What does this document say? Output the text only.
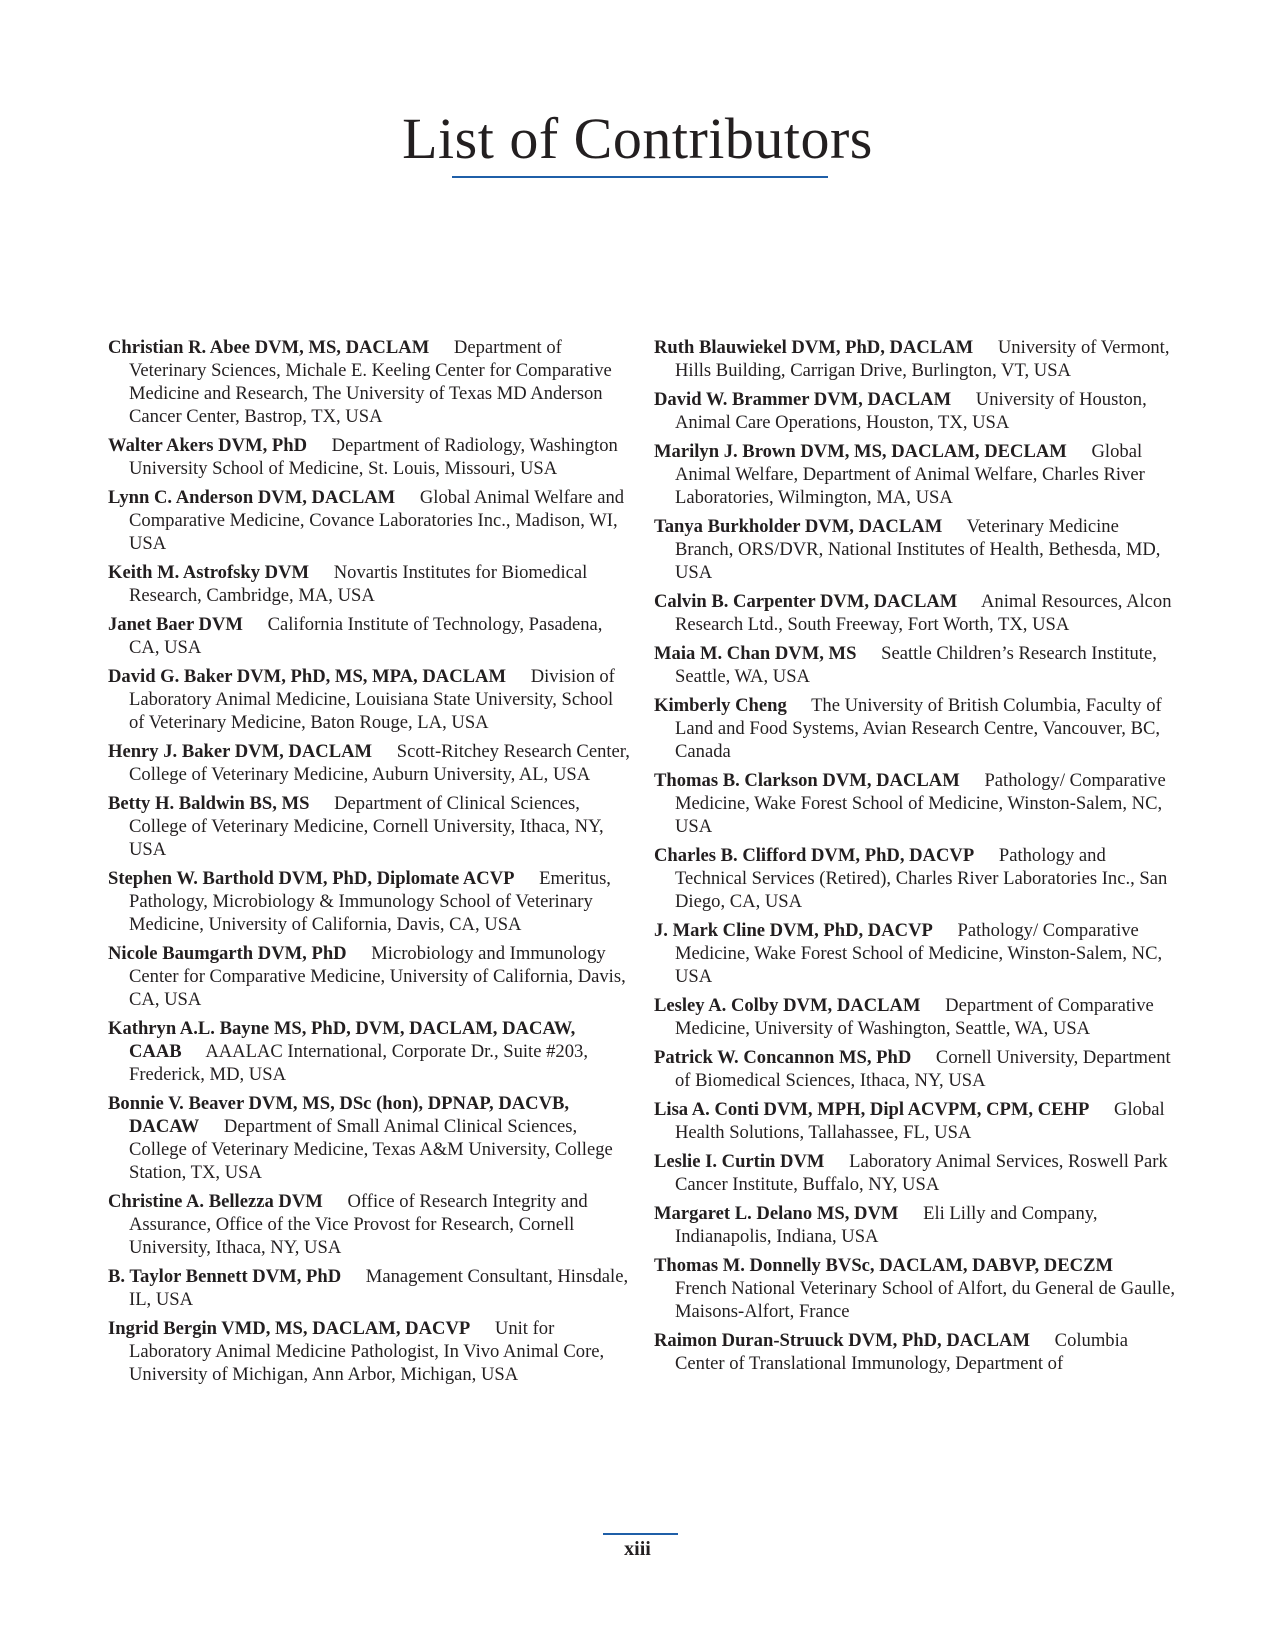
List of Contributors

Christian R. Abee DVM, MS, DACLAM Department of Veterinary Sciences, Michale E. Keeling Center for Comparative Medicine and Research, The University of Texas MD Anderson Cancer Center, Bastrop, TX, USA

Walter Akers DVM, PhD Department of Radiology, Washington University School of Medicine, St. Louis, Missouri, USA

Lynn C. Anderson DVM, DACLAM Global Animal Welfare and Comparative Medicine, Covance Laboratories Inc., Madison, WI, USA

Keith M. Astrofsky DVM Novartis Institutes for Biomedical Research, Cambridge, MA, USA

Janet Baer DVM California Institute of Technology, Pasadena, CA, USA

David G. Baker DVM, PhD, MS, MPA, DACLAM Division of Laboratory Animal Medicine, Louisiana State University, School of Veterinary Medicine, Baton Rouge, LA, USA

Henry J. Baker DVM, DACLAM Scott-Ritchey Research Center, College of Veterinary Medicine, Auburn University, AL, USA

Betty H. Baldwin BS, MS Department of Clinical Sciences, College of Veterinary Medicine, Cornell University, Ithaca, NY, USA

Stephen W. Barthold DVM, PhD, Diplomate ACVP Emeritus, Pathology, Microbiology & Immunology School of Veterinary Medicine, University of California, Davis, CA, USA

Nicole Baumgarth DVM, PhD Microbiology and Immunology Center for Comparative Medicine, University of California, Davis, CA, USA

Kathryn A.L. Bayne MS, PhD, DVM, DACLAM, DACAW, CAAB AAALAC International, Corporate Dr., Suite #203, Frederick, MD, USA

Bonnie V. Beaver DVM, MS, DSc (hon), DPNAP, DACVB, DACAW Department of Small Animal Clinical Sciences, College of Veterinary Medicine, Texas A&M University, College Station, TX, USA

Christine A. Bellezza DVM Office of Research Integrity and Assurance, Office of the Vice Provost for Research, Cornell University, Ithaca, NY, USA

B. Taylor Bennett DVM, PhD Management Consultant, Hinsdale, IL, USA

Ingrid Bergin VMD, MS, DACLAM, DACVP Unit for Laboratory Animal Medicine Pathologist, In Vivo Animal Core, University of Michigan, Ann Arbor, Michigan, USA

Ruth Blauwiekel DVM, PhD, DACLAM University of Vermont, Hills Building, Carrigan Drive, Burlington, VT, USA

David W. Brammer DVM, DACLAM University of Houston, Animal Care Operations, Houston, TX, USA

Marilyn J. Brown DVM, MS, DACLAM, DECLAM Global Animal Welfare, Department of Animal Welfare, Charles River Laboratories, Wilmington, MA, USA

Tanya Burkholder DVM, DACLAM Veterinary Medicine Branch, ORS/DVR, National Institutes of Health, Bethesda, MD, USA

Calvin B. Carpenter DVM, DACLAM Animal Resources, Alcon Research Ltd., South Freeway, Fort Worth, TX, USA

Maia M. Chan DVM, MS Seattle Children’s Research Institute, Seattle, WA, USA

Kimberly Cheng The University of British Columbia, Faculty of Land and Food Systems, Avian Research Centre, Vancouver, BC, Canada

Thomas B. Clarkson DVM, DACLAM Pathology/ Comparative Medicine, Wake Forest School of Medicine, Winston-Salem, NC, USA

Charles B. Clifford DVM, PhD, DACVP Pathology and Technical Services (Retired), Charles River Laboratories Inc., San Diego, CA, USA

J. Mark Cline DVM, PhD, DACVP Pathology/ Comparative Medicine, Wake Forest School of Medicine, Winston-Salem, NC, USA

Lesley A. Colby DVM, DACLAM Department of Comparative Medicine, University of Washington, Seattle, WA, USA

Patrick W. Concannon MS, PhD Cornell University, Department of Biomedical Sciences, Ithaca, NY, USA

Lisa A. Conti DVM, MPH, Dipl ACVPM, CPM, CEHP Global Health Solutions, Tallahassee, FL, USA

Leslie I. Curtin DVM Laboratory Animal Services, Roswell Park Cancer Institute, Buffalo, NY, USA

Margaret L. Delano MS, DVM Eli Lilly and Company, Indianapolis, Indiana, USA

Thomas M. Donnelly BVSc, DACLAM, DABVP, DECZM French National Veterinary School of Alfort, du General de Gaulle, Maisons-Alfort, France

Raimon Duran-Struuck DVM, PhD, DACLAM Columbia Center of Translational Immunology, Department of

xiii
